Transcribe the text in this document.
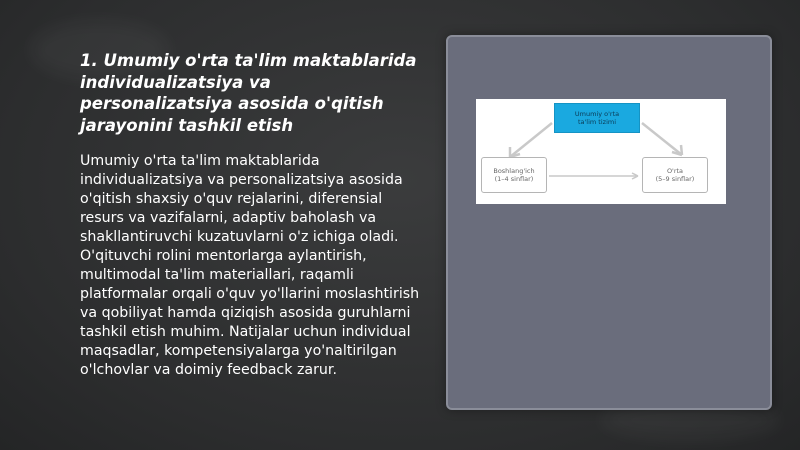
1. Umumiy o'rta ta'lim maktablarida individualizatsiya va personalizatsiya asosida o'qitish jarayonini tashkil etish
Umumiy o'rta ta'lim maktablarida individualizatsiya va personalizatsiya asosida o'qitish shaxsiy o'quv rejalarini, diferensial resurs va vazifalarni, adaptiv baholash va shakllantiruvchi kuzatuvlarni o'z ichiga oladi. O'qituvchi rolini mentorlarga aylantirish, multimodal ta'lim materiallari, raqamli platformalar orqali o'quv yo'llarini moslashtirish va qobiliyat hamda qiziqish asosida guruhlarni tashkil etish muhim. Natijalar uchun individual maqsadlar, kompetensiyalarga yo'naltirilgan o'lchovlar va doimiy feedback zarur.
Umumiy o'rta
ta'lim tizimi
Boshlang'ich
(1–4 sinflar)
O'rta
(5–9 sinflar)
